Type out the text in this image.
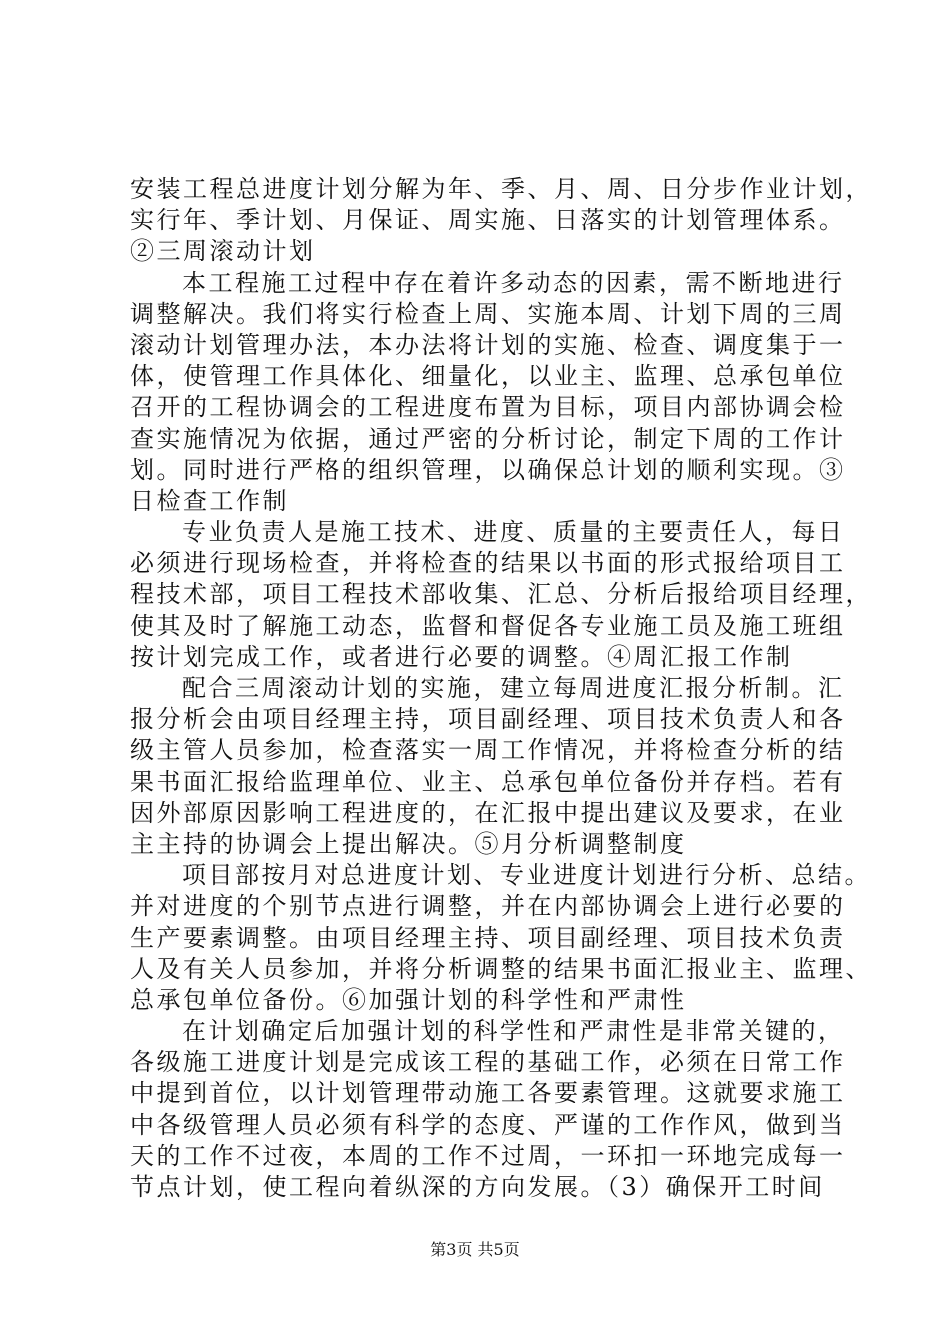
安装工程总进度计划分解为年、季、月、周、日分步作业计划，
实行年、季计划、月保证、周实施、日落实的计划管理体系。
②三周滚动计划
本工程施工过程中存在着许多动态的因素，需不断地进行
调整解决。我们将实行检查上周、实施本周、计划下周的三周
滚动计划管理办法，本办法将计划的实施、检查、调度集于一
体，使管理工作具体化、细量化，以业主、监理、总承包单位
召开的工程协调会的工程进度布置为目标，项目内部协调会检
查实施情况为依据，通过严密的分析讨论，制定下周的工作计
划。同时进行严格的组织管理，以确保总计划的顺利实现。③
日检查工作制
专业负责人是施工技术、进度、质量的主要责任人，每日
必须进行现场检查，并将检查的结果以书面的形式报给项目工
程技术部，项目工程技术部收集、汇总、分析后报给项目经理，
使其及时了解施工动态，监督和督促各专业施工员及施工班组
按计划完成工作，或者进行必要的调整。④周汇报工作制
配合三周滚动计划的实施，建立每周进度汇报分析制。汇
报分析会由项目经理主持，项目副经理、项目技术负责人和各
级主管人员参加，检查落实一周工作情况，并将检查分析的结
果书面汇报给监理单位、业主、总承包单位备份并存档。若有
因外部原因影响工程进度的，在汇报中提出建议及要求，在业
主主持的协调会上提出解决。⑤月分析调整制度
项目部按月对总进度计划、专业进度计划进行分析、总结。
并对进度的个别节点进行调整，并在内部协调会上进行必要的
生产要素调整。由项目经理主持、项目副经理、项目技术负责
人及有关人员参加，并将分析调整的结果书面汇报业主、监理、
总承包单位备份。⑥加强计划的科学性和严肃性
在计划确定后加强计划的科学性和严肃性是非常关键的，
各级施工进度计划是完成该工程的基础工作，必须在日常工作
中提到首位，以计划管理带动施工各要素管理。这就要求施工
中各级管理人员必须有科学的态度、严谨的工作作风，做到当
天的工作不过夜，本周的工作不过周，一环扣一环地完成每一
节点计划，使工程向着纵深的方向发展。（3）确保开工时间
第3页 共5页
